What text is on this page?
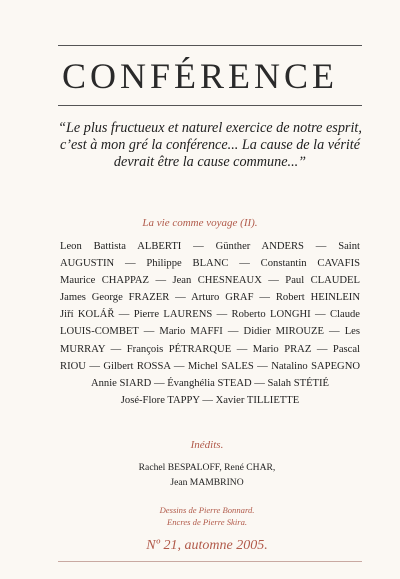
CONFÉRENCE
“Le plus fructueux et naturel exercice de notre esprit,
c’est à mon gré la conférence... La cause de la vérité
devrait être la cause commune...”
La vie comme voyage (II).
Leon Battista ALBERTI — Günther ANDERS — Saint
AUGUSTIN — Philippe BLANC — Constantin CAVAFIS
Maurice CHAPPAZ — Jean CHESNEAUX — Paul CLAUDEL
James George FRAZER — Arturo GRAF — Robert HEINLEIN
Jiří KOLÁŘ — Pierre LAURENS — Roberto LONGHI — Claude
LOUIS-COMBET — Mario MAFFI — Didier MIROUZE — Les
MURRAY — François PÉTRARQUE — Mario PRAZ — Pascal
RIOU — Gilbert ROSSA — Michel SALES — Natalino SAPEGNO
Annie SIARD — Évanghélia STEAD — Salah STÉTIÉ
José-Flore TAPPY — Xavier TILLIETTE
Inédits.
Rachel BESPALOFF, René CHAR,
Jean MAMBRINO
Dessins de Pierre Bonnard.
Encres de Pierre Skira.
Nº 21, automne 2005.
